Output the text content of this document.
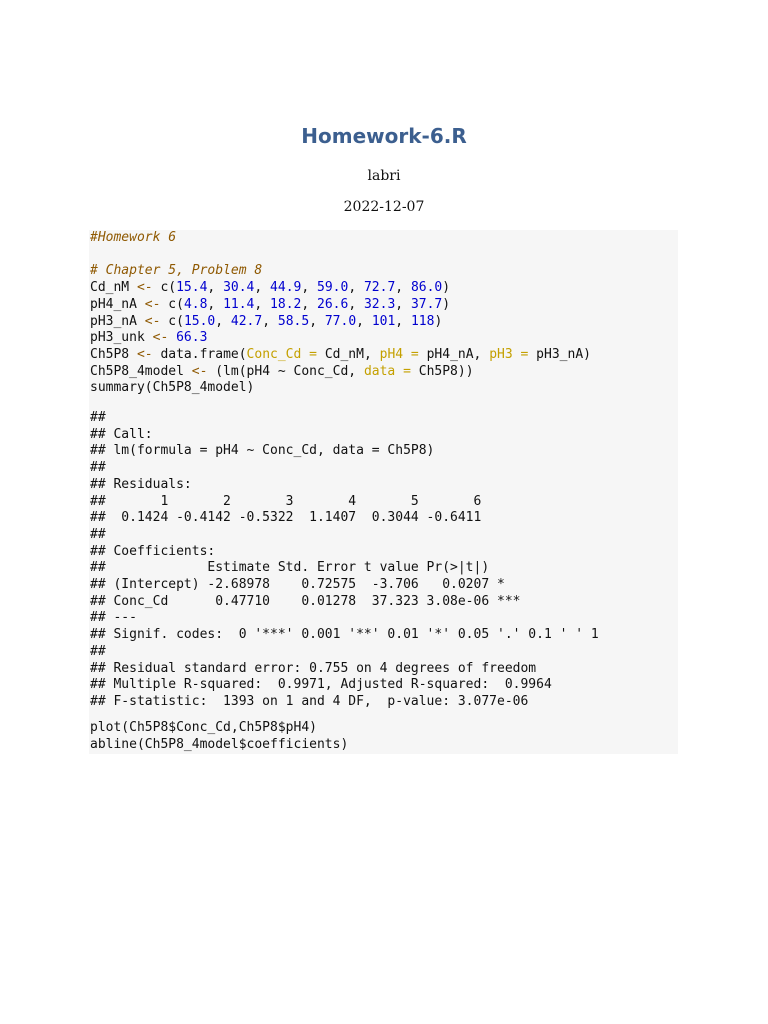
Homework-6.R
labri
2022-12-07
#Homework 6

# Chapter 5, Problem 8
Cd_nM <- c(15.4, 30.4, 44.9, 59.0, 72.7, 86.0)
pH4_nA <- c(4.8, 11.4, 18.2, 26.6, 32.3, 37.7)
pH3_nA <- c(15.0, 42.7, 58.5, 77.0, 101, 118)
pH3_unk <- 66.3
Ch5P8 <- data.frame(Conc_Cd = Cd_nM, pH4 = pH4_nA, pH3 = pH3_nA)
Ch5P8_4model <- (lm(pH4 ~ Conc_Cd, data = Ch5P8))
summary(Ch5P8_4model)
##
## Call:
## lm(formula = pH4 ~ Conc_Cd, data = Ch5P8)
##
## Residuals:
##       1       2       3       4       5       6
##  0.1424 -0.4142 -0.5322  1.1407  0.3044 -0.6411
##
## Coefficients:
##             Estimate Std. Error t value Pr(>|t|)
## (Intercept) -2.68978    0.72575  -3.706   0.0207 *
## Conc_Cd      0.47710    0.01278  37.323 3.08e-06 ***
## ---
## Signif. codes:  0 '***' 0.001 '**' 0.01 '*' 0.05 '.' 0.1 ' ' 1
##
## Residual standard error: 0.755 on 4 degrees of freedom
## Multiple R-squared:  0.9971, Adjusted R-squared:  0.9964
## F-statistic:  1393 on 1 and 4 DF,  p-value: 3.077e-06
plot(Ch5P8$Conc_Cd,Ch5P8$pH4)
abline(Ch5P8_4model$coefficients)
